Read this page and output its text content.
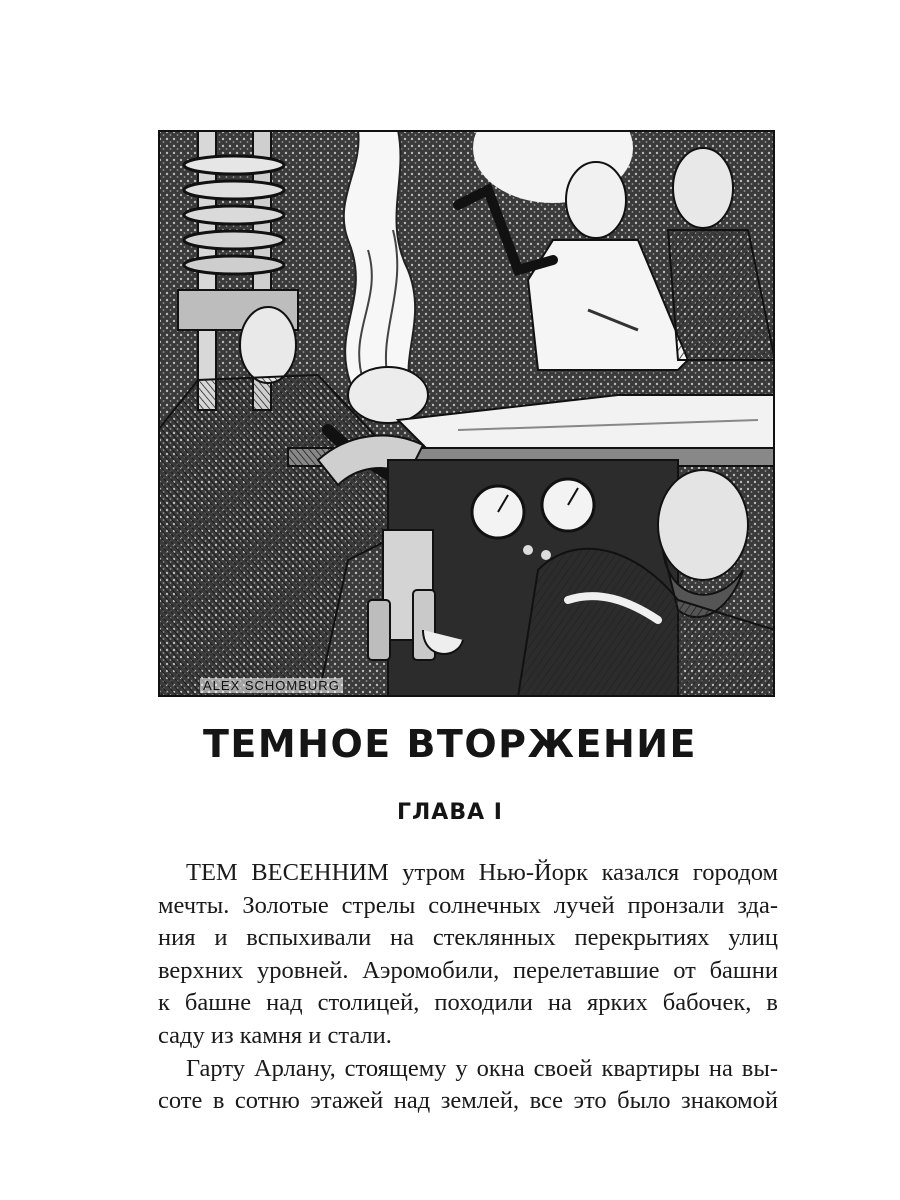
ALEX SCHOMBURG
ТЕМНОЕ ВТОРЖЕНИЕ
ГЛАВА I
ТЕМ ВЕСЕННИМ утром Нью-Йорк казался городом
мечты. Золотые стрелы солнечных лучей пронзали зда-
ния и вспыхивали на стеклянных перекрытиях улиц
верхних уровней. Аэромобили, перелетавшие от башни
к башне над столицей, походили на ярких бабочек, в
саду из камня и стали.
Гарту Арлану, стоящему у окна своей квартиры на вы-
соте в сотню этажей над землей, все это было знакомой
